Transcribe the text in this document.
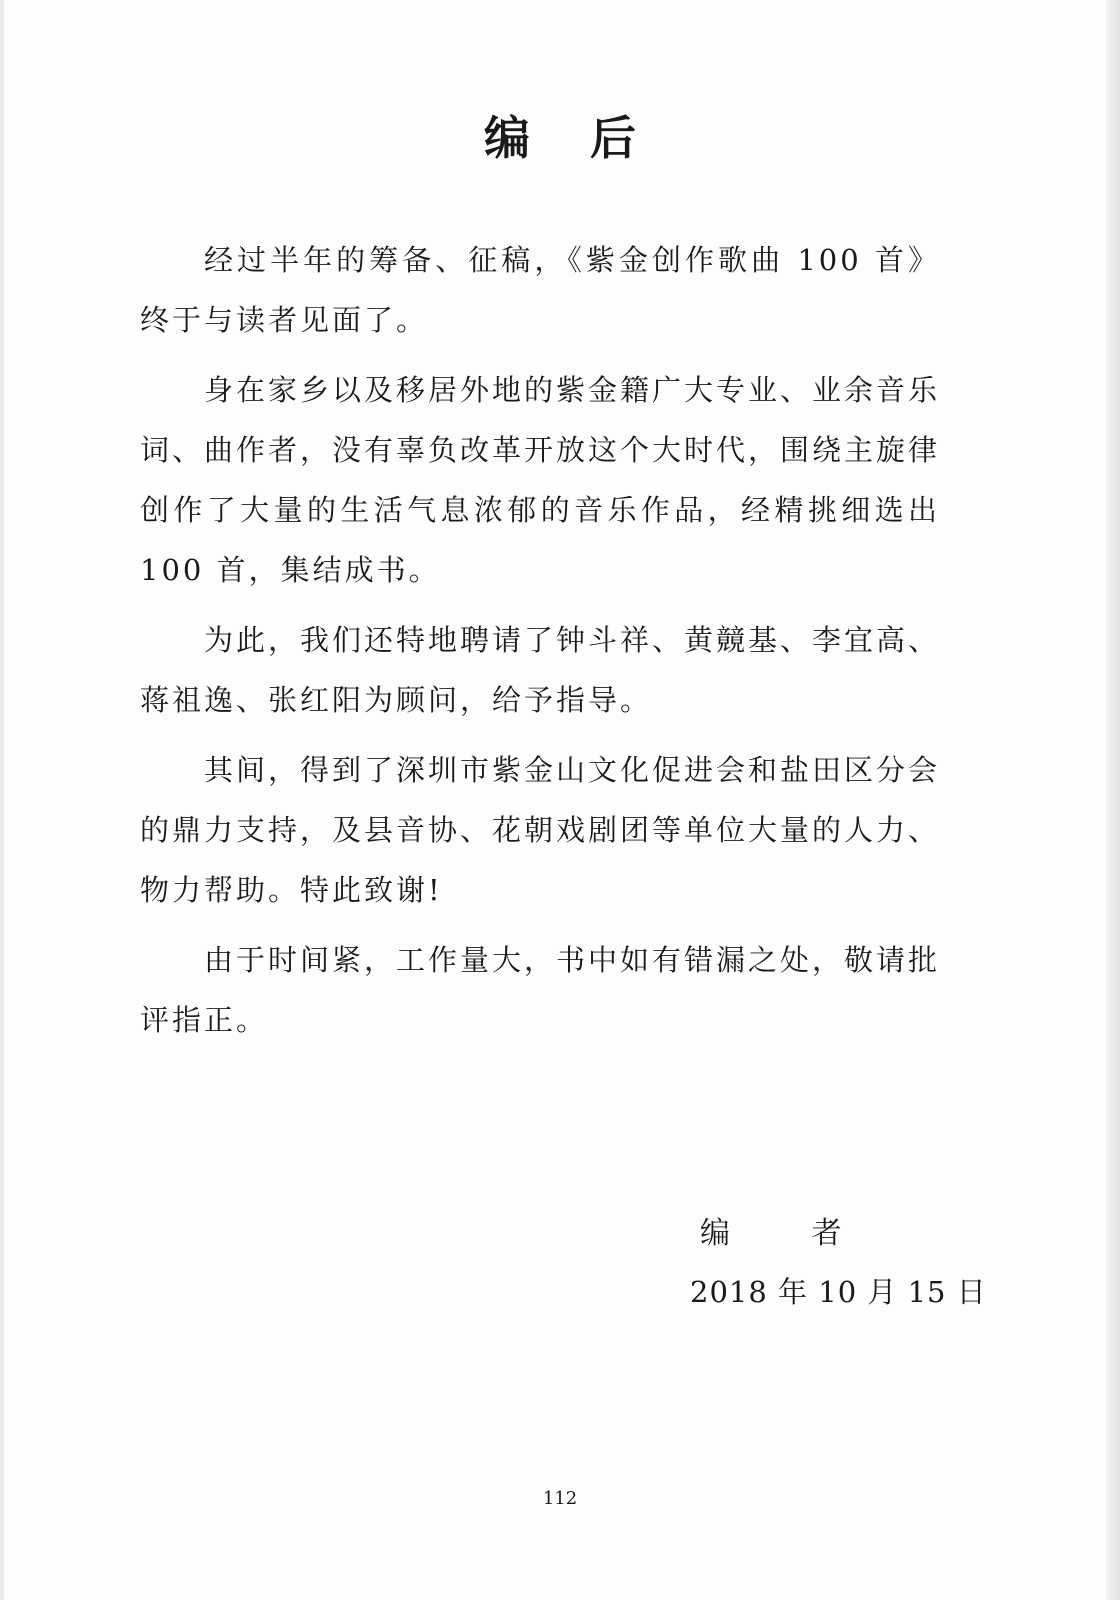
编 后

经过半年的筹备、征稿，《紫金创作歌曲 100 首》终于与读者见面了。

身在家乡以及移居外地的紫金籍广大专业、业余音乐词、曲作者，没有辜负改革开放这个大时代，围绕主旋律创作了大量的生活气息浓郁的音乐作品，经精挑细选出 100 首，集结成书。

为此，我们还特地聘请了钟斗祥、黄竸基、李宜高、蒋祖逸、张红阳为顾问，给予指导。

其间，得到了深圳市紫金山文化促进会和盐田区分会的鼎力支持，及县音协、花朝戏剧团等单位大量的人力、物力帮助。特此致谢!

由于时间紧，工作量大，书中如有错漏之处，敬请批评指正。

编 者
2018 年 10 月 15 日
112
